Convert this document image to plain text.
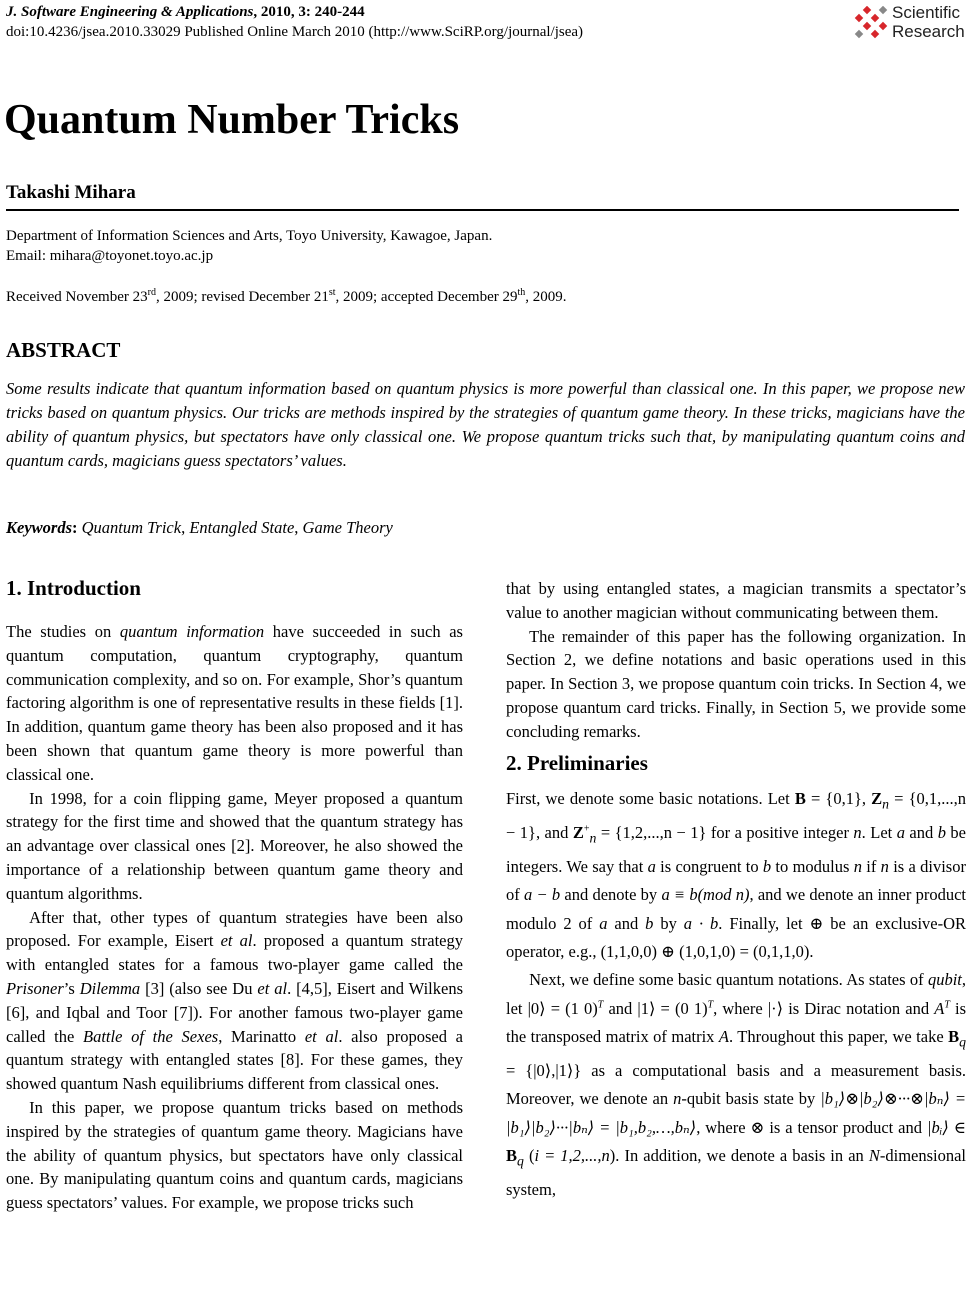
J. Software Engineering & Applications, 2010, 3: 240-244
doi:10.4236/jsea.2010.33029 Published Online March 2010 (http://www.SciRP.org/journal/jsea)
Scientific
Research
Quantum Number Tricks
Takashi Mihara
Department of Information Sciences and Arts, Toyo University, Kawagoe, Japan.
Email: mihara@toyonet.toyo.ac.jp
Received November 23rd, 2009; revised December 21st, 2009; accepted December 29th, 2009.
ABSTRACT

Some results indicate that quantum information based on quantum physics is more powerful than classical one. In this paper, we propose new tricks based on quantum physics. Our tricks are methods inspired by the strategies of quantum game theory. In these tricks, magicians have the ability of quantum physics, but spectators have only classical one. We propose quantum tricks such that, by manipulating quantum coins and quantum cards, magicians guess spectators’ values.

Keywords: Quantum Trick, Entangled State, Game Theory
1. Introduction

The studies on quantum information have succeeded in such as quantum computation, quantum cryptography, quantum communication complexity, and so on. For example, Shor’s quantum factoring algorithm is one of representative results in these fields [1]. In addition, quantum game theory has been also proposed and it has been shown that quantum game theory is more powerful than classical one.

In 1998, for a coin flipping game, Meyer proposed a quantum strategy for the first time and showed that the quantum strategy has an advantage over classical ones [2]. Moreover, he also showed the importance of a relationship between quantum game theory and quantum algorithms.

After that, other types of quantum strategies have been also proposed. For example, Eisert et al. proposed a quantum strategy with entangled states for a famous two-player game called the Prisoner’s Dilemma [3] (also see Du et al. [4,5], Eisert and Wilkens [6], and Iqbal and Toor [7]). For another famous two-player game called the Battle of the Sexes, Marinatto et al. also proposed a quantum strategy with entangled states [8]. For these games, they showed quantum Nash equilibriums different from classical ones.

In this paper, we propose quantum tricks based on methods inspired by the strategies of quantum game theory. Magicians have the ability of quantum physics, but spectators have only classical one. By manipulating quantum coins and quantum cards, magicians guess spectators’ values. For example, we propose tricks such

that by using entangled states, a magician transmits a spectator’s value to another magician without communicating between them.

The remainder of this paper has the following organization. In Section 2, we define notations and basic operations used in this paper. In Section 3, we propose quantum coin tricks. In Section 4, we propose quantum card tricks. Finally, in Section 5, we provide some concluding remarks.

2. Preliminaries

First, we denote some basic notations. Let B = {0,1}, $Z_n = \{0,1,...,n - 1\}$, and $Z^+_n = \{1,2,...,n - 1\}$ for a positive integer n. Let a and b be integers. We say that a is congruent to b to modulus n if n is a divisor of a − b and denote by a ≡ b(mod n), and we denote an inner product modulo 2 of a and b by a · b. Finally, let ⊕ be an exclusive-OR operator, e.g., (1,1,0,0) ⊕ (1,0,1,0) = (0,1,1,0).

Next, we define some basic quantum notations. As states of qubit, let |0⟩ = (1 0)$^T$ and |1⟩ = (0 1)$^T$, where |·⟩ is Dirac notation and $A^T$ is the transposed matrix of matrix A. Throughout this paper, we take $B_q$ = {|0⟩,|1⟩} as a computational basis and a measurement basis. Moreover, we denote an n-qubit basis state by |b₁⟩⊗|b₂⟩⊗···⊗|bₙ⟩ = |b₁⟩|b₂⟩···|bₙ⟩ = |b₁,b₂,…,bₙ⟩, where ⊗ is a tensor product and |bᵢ⟩ ∈ $B_q$ (i = 1,2,...,n). In addition, we denote a basis in an N-dimensional system,
